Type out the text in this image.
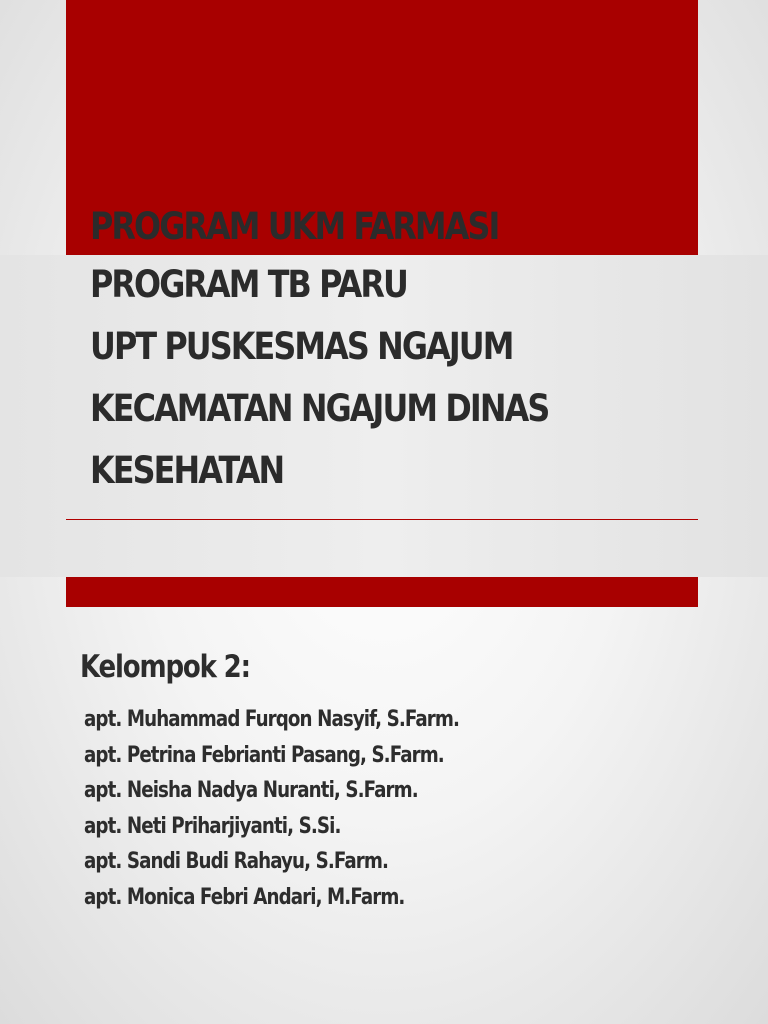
PROGRAM UKM FARMASI
PROGRAM TB PARU
UPT PUSKESMAS NGAJUM
KECAMATAN NGAJUM DINAS
KESEHATAN

Kelompok 2:

apt. Muhammad Furqon Nasyif, S.Farm.
apt. Petrina Febrianti Pasang, S.Farm.
apt. Neisha Nadya Nuranti, S.Farm.
apt. Neti Priharjiyanti, S.Si.
apt. Sandi Budi Rahayu, S.Farm.
apt. Monica Febri Andari, M.Farm.
